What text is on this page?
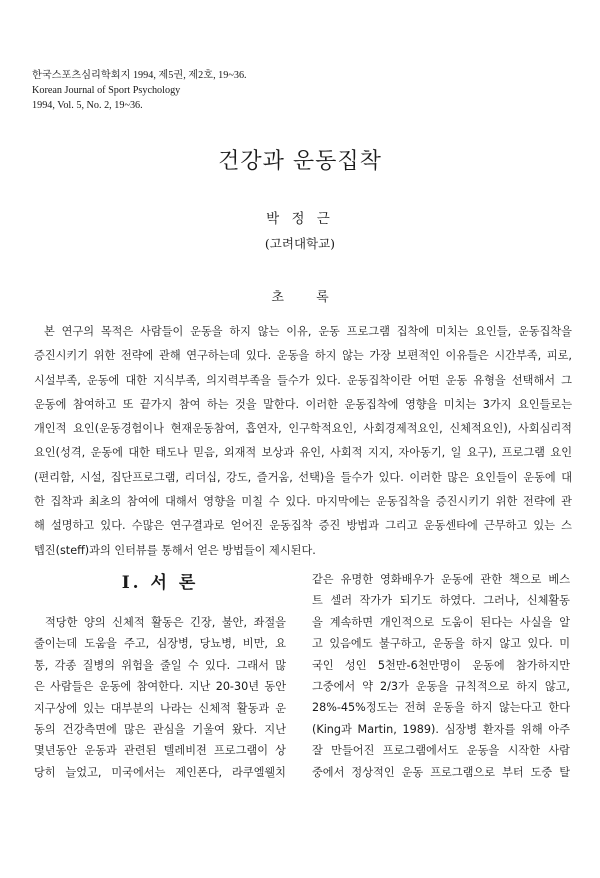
한국스포츠심리학회지 1994, 제5권, 제2호, 19~36.
Korean Journal of Sport Psychology
1994, Vol. 5, No. 2, 19~36.
건강과 운동집착
박 정 근
(고려대학교)
초 록
본 연구의 목적은 사람들이 운동을 하지 않는 이유, 운동 프로그램 집착에 미치는 요인들, 운동집착을
증진시키기 위한 전략에 관해 연구하는데 있다. 운동을 하지 않는 가장 보편적인 이유들은 시간부족, 피로,
시설부족, 운동에 대한 지식부족, 의지력부족을 들수가 있다. 운동집착이란 어떤 운동 유형을 선택해서 그
운동에 참여하고 또 끝가지 참여 하는 것을 말한다. 이러한 운동집착에 영향을 미치는 3가지 요인들로는
개인적 요인(운동경험이나 현재운동참여, 흡연자, 인구학적요인, 사회경제적요인, 신체적요인), 사회심리적
요인(성격, 운동에 대한 태도나 믿음, 외재적 보상과 유인, 사회적 지지, 자아동기, 일 요구), 프로그램 요인
(편리함, 시설, 집단프로그램, 리더십, 강도, 즐거움, 선택)을 들수가 있다. 이러한 많은 요인들이 운동에 대
한 집착과 최초의 참여에 대해서 영향을 미칠 수 있다. 마지막에는 운동집착을 증진시키기 위한 전략에 관
해 설명하고 있다. 수많은 연구결과로 얻어진 운동집착 증진 방법과 그리고 운동센타에 근무하고 있는 스
텝진(steff)과의 인터뷰를 통해서 얻은 방법들이 제시된다.
Ⅰ. 서 론
적당한 양의 신체적 활동은 긴장, 불안, 좌절을
줄이는데 도움을 주고, 심장병, 당뇨병, 비만, 요
통, 각종 질병의 위험을 줄일 수 있다. 그래서 많
은 사람들은 운동에 참여한다. 지난 20-30년 동안
지구상에 있는 대부분의 나라는 신체적 활동과 운
동의 건강측면에 많은 관심을 기울여 왔다. 지난
몇년동안 운동과 관련된 텔레비젼 프로그램이 상
당히 늘었고, 미국에서는 제인폰다, 라쿠엘웰치
같은 유명한 영화배우가 운동에 관한 책으로 베스
트 셀러 작가가 되기도 하였다. 그러나, 신체활동
을 계속하면 개인적으로 도움이 된다는 사실을 알
고 있음에도 불구하고, 운동을 하지 않고 있다. 미
국인 성인 5천만-6천만명이 운동에 참가하지만
그중에서 약 2/3가 운동을 규칙적으로 하지 않고,
28%-45%정도는 전혀 운동을 하지 않는다고 한다
(King과 Martin, 1989). 심장병 환자를 위해 아주
잘 만들어진 프로그램에서도 운동을 시작한 사람
중에서 정상적인 운동 프로그램으로 부터 도중 탈
